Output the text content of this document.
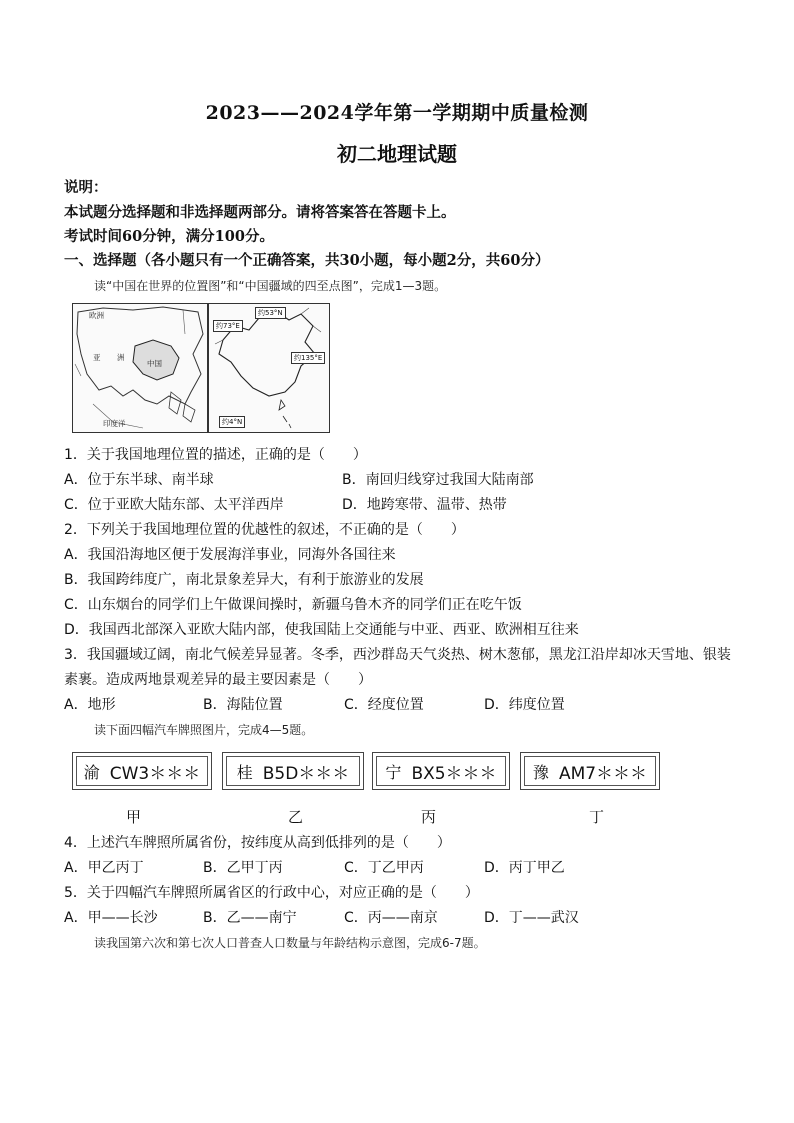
2023——2024学年第一学期期中质量检测
初二地理试题
说明：
本试题分选择题和非选择题两部分。请将答案答在答题卡上。
考试时间60分钟，满分100分。
一、选择题（各小题只有一个正确答案，共30小题，每小题2分，共60分）
读“中国在世界的位置图”和“中国疆域的四至点图”，完成1—3题。
欧洲
亚 洲
中国
印度洋
约73°E
约53°N
约135°E
约4°N
1．关于我国地理位置的描述，正确的是（　　）
A．位于东半球、南半球	B．南回归线穿过我国大陆南部
C．位于亚欧大陆东部、太平洋西岸	D．地跨寒带、温带、热带
2．下列关于我国地理位置的优越性的叙述，不正确的是（　　）
A．我国沿海地区便于发展海洋事业，同海外各国往来
B．我国跨纬度广，南北景象差异大，有利于旅游业的发展
C．山东烟台的同学们上午做课间操时，新疆乌鲁木齐的同学们正在吃午饭
D．我国西北部深入亚欧大陆内部，使我国陆上交通能与中亚、西亚、欧洲相互往来
3．我国疆域辽阔，南北气候差异显著。冬季，西沙群岛天气炎热、树木葱郁，黑龙江沿岸却冰天雪地、银装
素裹。造成两地景观差异的最主要因素是（　　）
A．地形	B．海陆位置	C．经度位置	D．纬度位置
读下面四幅汽车牌照图片，完成4—5题。
渝 CW3＊＊＊ 桂 B5D＊＊＊ 宁 BX5＊＊＊ 豫 AM7＊＊＊
甲	乙	丙	丁
4．上述汽车牌照所属省份，按纬度从高到低排列的是（　　）
A．甲乙丙丁	B．乙甲丁丙	C．丁乙甲丙	D．丙丁甲乙
5．关于四幅汽车牌照所属省区的行政中心，对应正确的是（　　）
A．甲——长沙	B．乙——南宁	C．丙——南京	D．丁——武汉
读我国第六次和第七次人口普查人口数量与年龄结构示意图，完成6-7题。
